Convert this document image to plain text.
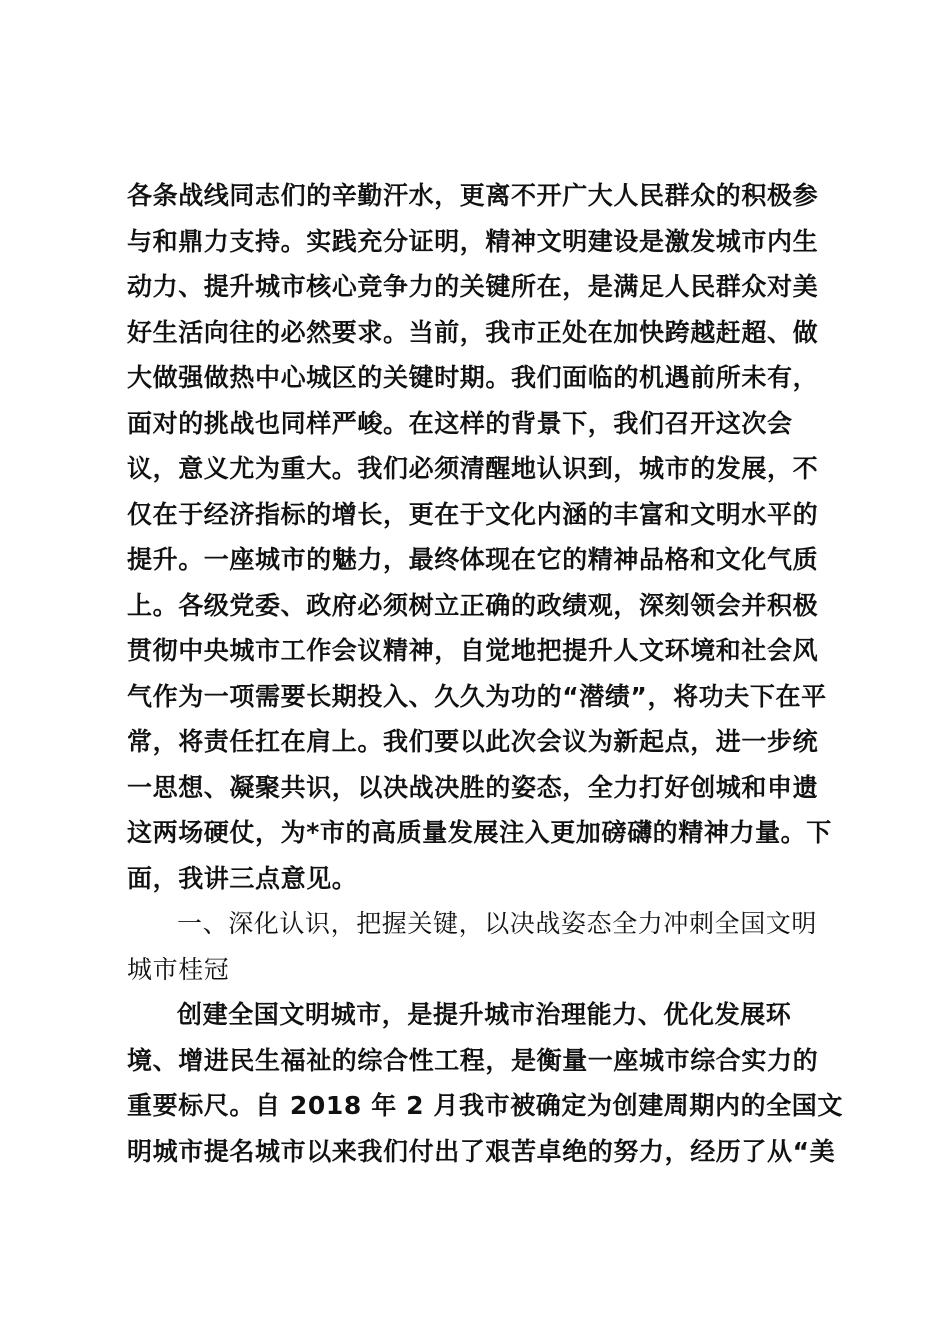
各条战线同志们的辛勤汗水，更离不开广大人民群众的积极参
与和鼎力支持。实践充分证明，精神文明建设是激发城市内生
动力、提升城市核心竞争力的关键所在，是满足人民群众对美
好生活向往的必然要求。当前，我市正处在加快跨越赶超、做
大做强做热中心城区的关键时期。我们面临的机遇前所未有，
面对的挑战也同样严峻。在这样的背景下，我们召开这次会
议，意义尤为重大。我们必须清醒地认识到，城市的发展，不
仅在于经济指标的增长，更在于文化内涵的丰富和文明水平的
提升。一座城市的魅力，最终体现在它的精神品格和文化气质
上。各级党委、政府必须树立正确的政绩观，深刻领会并积极
贯彻中央城市工作会议精神，自觉地把提升人文环境和社会风
气作为一项需要长期投入、久久为功的“潜绩”，将功夫下在平
常，将责任扛在肩上。我们要以此次会议为新起点，进一步统
一思想、凝聚共识，以决战决胜的姿态，全力打好创城和申遗
这两场硬仗，为*市的高质量发展注入更加磅礴的精神力量。下
面，我讲三点意见。
一、深化认识，把握关键，以决战姿态全力冲刺全国文明
城市桂冠
创建全国文明城市，是提升城市治理能力、优化发展环
境、增进民生福祉的综合性工程，是衡量一座城市综合实力的
重要标尺。自 2018 年 2 月我市被确定为创建周期内的全国文
明城市提名城市以来我们付出了艰苦卓绝的努力，经历了从“美
